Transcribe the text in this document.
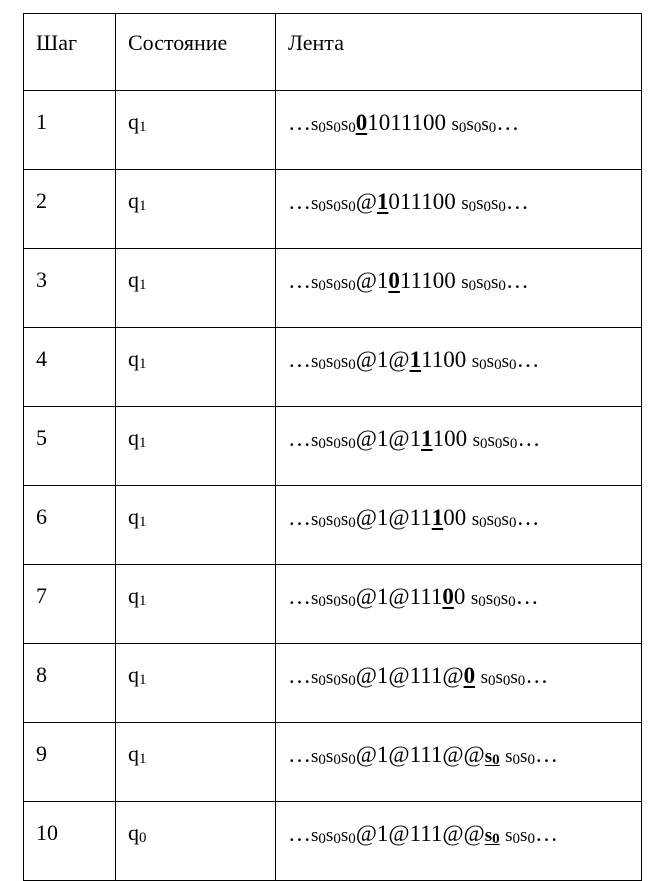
Шаг	Состояние	Лента
1	$q_1$	$\dots s_0s_0s_001011100$ $s_0s_0s_0\dots$
2	$q_1$	$\dots s_0s_0s_0@1011100$ $s_0s_0s_0\dots$
3	$q_1$	$\dots s_0s_0s_0@1011100$ $s_0s_0s_0\dots$
4	$q_1$	$\dots s_0s_0s_0@1@11100$ $s_0s_0s_0\dots$
5	$q_1$	$\dots s_0s_0s_0@1@11100$ $s_0s_0s_0\dots$
6	$q_1$	$\dots s_0s_0s_0@1@11100$ $s_0s_0s_0\dots$
7	$q_1$	$\dots s_0s_0s_0@1@11100$ $s_0s_0s_0\dots$
8	$q_1$	$\dots s_0s_0s_0@1@111@0$ $s_0s_0s_0\dots$
9	$q_1$	$\dots s_0s_0s_0@1@111@@s_0$ $s_0s_0\dots$
10	$q_0$	$\dots s_0s_0s_0@1@111@@s_0$ $s_0s_0\dots$
